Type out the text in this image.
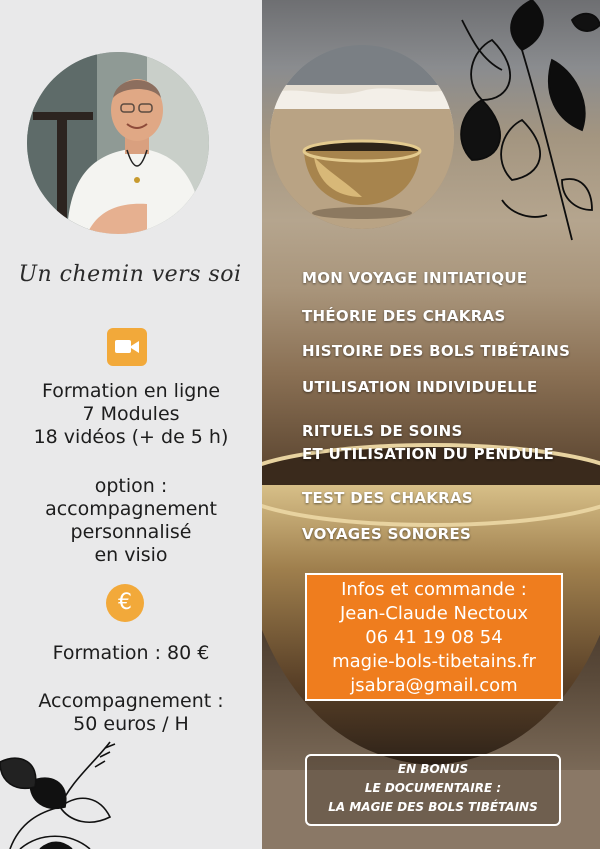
Un chemin vers soi
Formation en ligne
7 Modules
18 vidéos (+ de 5 h)
option :
accompagnement
personnalisé
en visio
€
Formation : 80 €
Accompagnement :
50 euros / H
MON VOYAGE INITIATIQUE
THÉORIE DES CHAKRAS
HISTOIRE DES BOLS TIBÉTAINS
UTILISATION INDIVIDUELLE
RITUELS DE SOINS
ET UTILISATION DU PENDULE
TEST DES CHAKRAS
VOYAGES SONORES
Infos et commande :
Jean-Claude Nectoux
06 41 19 08 54
magie-bols-tibetains.fr
jsabra@gmail.com
EN BONUS
LE DOCUMENTAIRE :
LA MAGIE DES BOLS TIBÉTAINS
